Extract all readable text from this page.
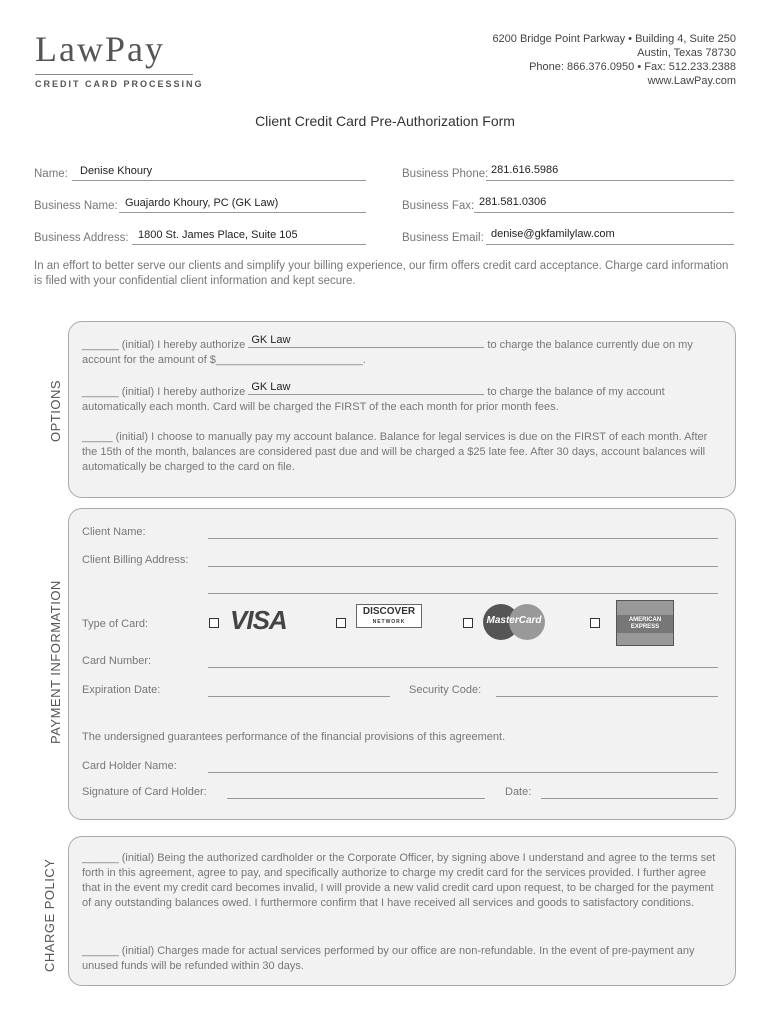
LawPay
CREDIT CARD PROCESSING
6200 Bridge Point Parkway • Building 4, Suite 250
Austin, Texas 78730
Phone: 866.376.0950 • Fax: 512.233.2388
www.LawPay.com
Client Credit Card Pre-Authorization Form
Name: Denise Khoury
Business Name: Guajardo Khoury, PC (GK Law)
Business Address: 1800 St. James Place, Suite 105
Business Phone: 281.616.5986
Business Fax: 281.581.0306
Business Email: denise@gkfamilylaw.com
In an effort to better serve our clients and simplify your billing experience, our firm offers credit card acceptance. Charge card information is filed with your confidential client information and kept secure.
OPTIONS
______ (initial) I hereby authorize GK Law	to charge the balance currently due on my
account for the amount of $________________________.
______ (initial) I hereby authorize GK Law	to charge the balance of my account
automatically each month. Card will be charged the FIRST of the each month for prior month fees.
_____ (initial) I choose to manually pay my account balance. Balance for legal services is due on the FIRST of each month. After the 15th of the month, balances are considered past due and will be charged a $25 late fee. After 30 days, account balances will automatically be charged to the card on file.
PAYMENT INFORMATION
Client Name:
Client Billing Address:
Type of Card:	VISA	DISCOVER
NETWORK	MasterCard	AMERICAN EXPRESS
Card Number:
Expiration Date:	Security Code:
The undersigned guarantees performance of the financial provisions of this agreement.
Card Holder Name:
Signature of Card Holder:	Date:
CHARGE POLICY
______ (initial) Being the authorized cardholder or the Corporate Officer, by signing above I understand and agree to the terms set forth in this agreement, agree to pay, and specifically authorize to charge my credit card for the services provided. I further agree that in the event my credit card becomes invalid, I will provide a new valid credit card upon request, to be charged for the payment of any outstanding balances owed. I furthermore confirm that I have received all services and goods to satisfactory conditions.
______ (initial) Charges made for actual services performed by our office are non-refundable. In the event of pre-payment any unused funds will be refunded within 30 days.
